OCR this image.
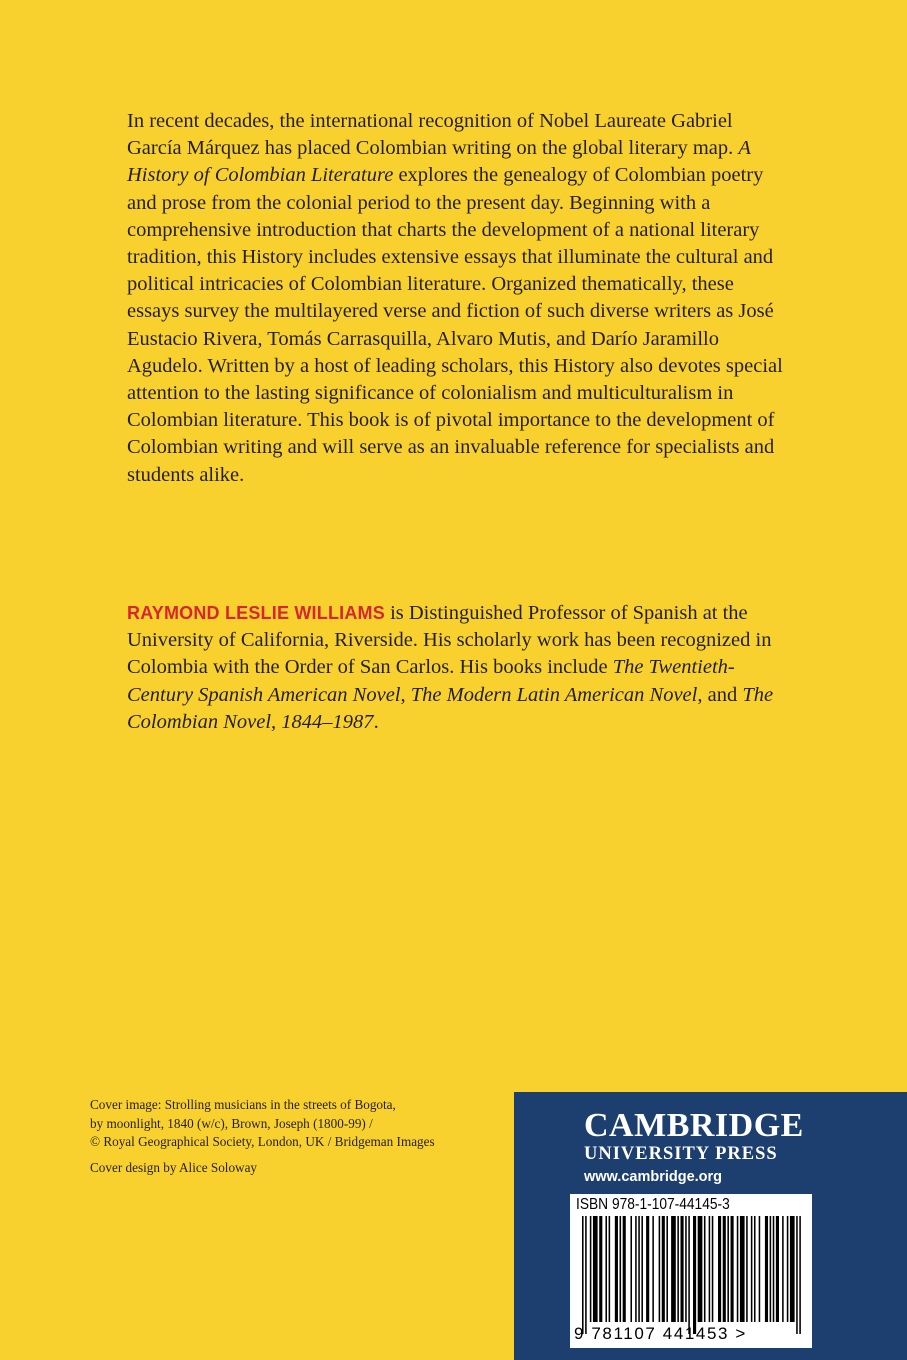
In recent decades, the international recognition of Nobel Laureate Gabriel García Márquez has placed Colombian writing on the global literary map. A History of Colombian Literature explores the genealogy of Colombian poetry and prose from the colonial period to the present day. Beginning with a comprehensive introduction that charts the development of a national literary tradition, this History includes extensive essays that illuminate the cultural and political intricacies of Colombian literature. Organized thematically, these essays survey the multilayered verse and fiction of such diverse writers as José Eustacio Rivera, Tomás Carrasquilla, Alvaro Mutis, and Darío Jaramillo Agudelo. Written by a host of leading scholars, this History also devotes special attention to the lasting significance of colonialism and multiculturalism in Colombian literature. This book is of pivotal importance to the development of Colombian writing and will serve as an invaluable reference for specialists and students alike.

RAYMOND LESLIE WILLIAMS is Distinguished Professor of Spanish at the University of California, Riverside. His scholarly work has been recognized in Colombia with the Order of San Carlos. His books include The Twentieth-Century Spanish American Novel, The Modern Latin American Novel, and The Colombian Novel, 1844–1987.

Cover image: Strolling musicians in the streets of Bogota,
by moonlight, 1840 (w/c), Brown, Joseph (1800-99) /
© Royal Geographical Society, London, UK / Bridgeman Images
Cover design by Alice Soloway

CAMBRIDGE

UNIVERSITY PRESS

www.cambridge.org

ISBN 978-1-107-44145-3

9 781107 441453 >
